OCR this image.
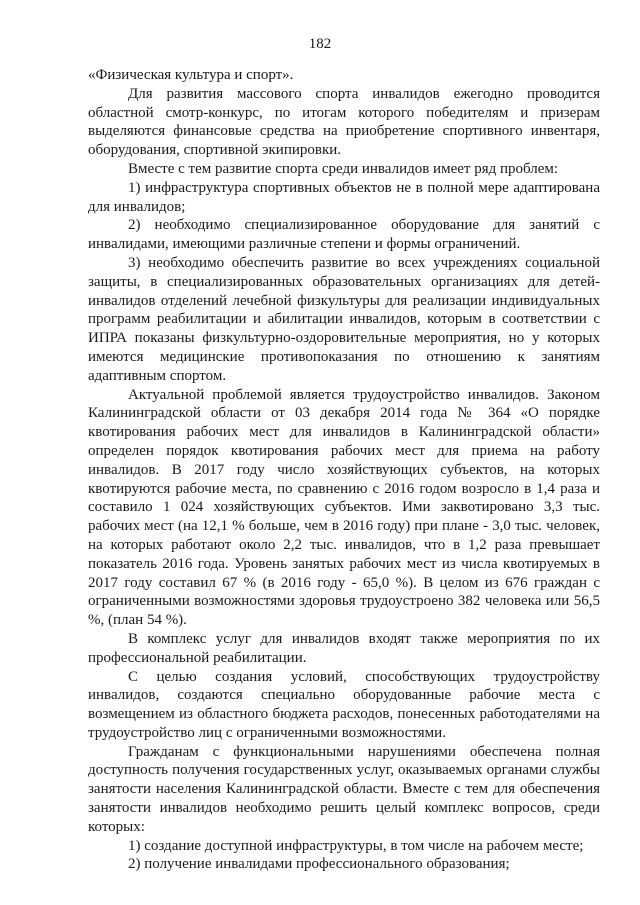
182

«Физическая культура и спорт».

Для развития массового спорта инвалидов ежегодно проводится областной смотр-конкурс, по итогам которого победителям и призерам выделяются финансовые средства на приобретение спортивного инвентаря, оборудования, спортивной экипировки.

Вместе с тем развитие спорта среди инвалидов имеет ряд проблем:

1) инфраструктура спортивных объектов не в полной мере адаптирована для инвалидов;

2) необходимо специализированное оборудование для занятий с инвалидами, имеющими различные степени и формы ограничений.

3) необходимо обеспечить развитие во всех учреждениях социальной защиты, в специализированных образовательных организациях для детей-инвалидов отделений лечебной физкультуры для реализации индивидуальных программ реабилитации и абилитации инвалидов, которым в соответствии с ИПРА показаны физкультурно-оздоровительные мероприятия, но у которых имеются медицинские противопоказания по отношению к занятиям адаптивным спортом.

Актуальной проблемой является трудоустройство инвалидов. Законом Калининградской области от 03 декабря 2014 года № 364 «О порядке квотирования рабочих мест для инвалидов в Калининградской области» определен порядок квотирования рабочих мест для приема на работу инвалидов. В 2017 году число хозяйствующих субъектов, на которых квотируются рабочие места, по сравнению с 2016 годом возросло в 1,4 раза и составило 1 024 хозяйствующих субъектов. Ими заквотировано 3,3 тыс. рабочих мест (на 12,1 % больше, чем в 2016 году) при плане - 3,0 тыс. человек, на которых работают около 2,2 тыс. инвалидов, что в 1,2 раза превышает показатель 2016 года. Уровень занятых рабочих мест из числа квотируемых в 2017 году составил 67 % (в 2016 году - 65,0 %). В целом из 676 граждан с ограниченными возможностями здоровья трудоустроено 382 человека или 56,5 %, (план 54 %).

В комплекс услуг для инвалидов входят также мероприятия по их профессиональной реабилитации.

С целью создания условий, способствующих трудоустройству инвалидов, создаются специально оборудованные рабочие места с возмещением из областного бюджета расходов, понесенных работодателями на трудоустройство лиц с ограниченными возможностями.

Гражданам с функциональными нарушениями обеспечена полная доступность получения государственных услуг, оказываемых органами службы занятости населения Калининградской области. Вместе с тем для обеспечения занятости инвалидов необходимо решить целый комплекс вопросов, среди которых:

1) создание доступной инфраструктуры, в том числе на рабочем месте;

2) получение инвалидами профессионального образования;
